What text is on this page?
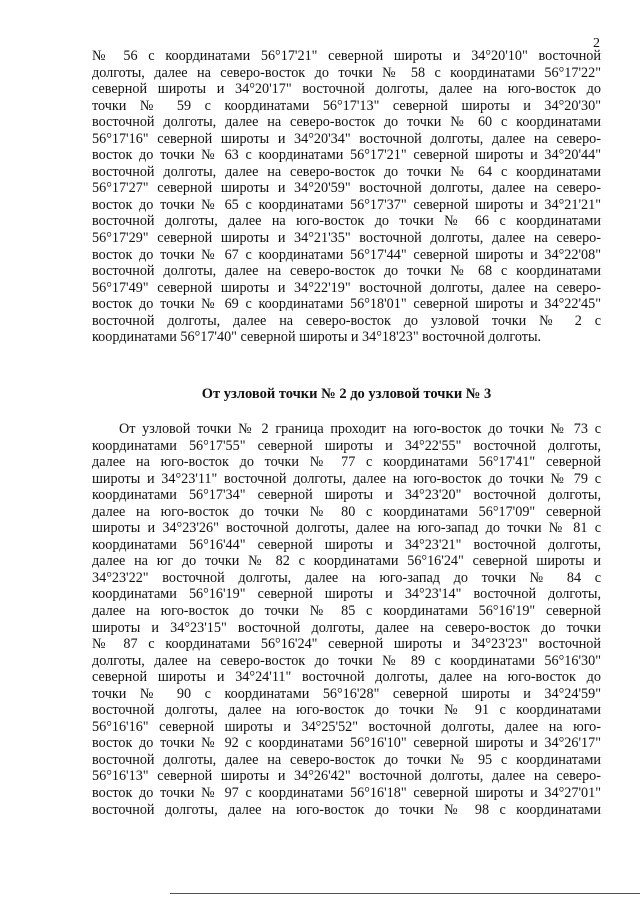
2
№ 56 с координатами 56°17'21" северной широты и 34°20'10" восточной
долготы, далее на северо-восток до точки № 58 с координатами 56°17'22"
северной широты и 34°20'17" восточной долготы, далее на юго-восток до
точки № 59 с координатами 56°17'13" северной широты и 34°20'30"
восточной долготы, далее на северо-восток до точки № 60 с координатами
56°17'16" северной широты и 34°20'34" восточной долготы, далее на северо-
восток до точки № 63 с координатами 56°17'21" северной широты и 34°20'44"
восточной долготы, далее на северо-восток до точки № 64 с координатами
56°17'27" северной широты и 34°20'59" восточной долготы, далее на северо-
восток до точки № 65 с координатами 56°17'37" северной широты и 34°21'21"
восточной долготы, далее на юго-восток до точки № 66 с координатами
56°17'29" северной широты и 34°21'35" восточной долготы, далее на северо-
восток до точки № 67 с координатами 56°17'44" северной широты и 34°22'08"
восточной долготы, далее на северо-восток до точки № 68 с координатами
56°17'49" северной широты и 34°22'19" восточной долготы, далее на северо-
восток до точки № 69 с координатами 56°18'01" северной широты и 34°22'45"
восточной долготы, далее на северо-восток до узловой точки № 2 с
координатами 56°17'40" северной широты и 34°18'23" восточной долготы.
От узловой точки № 2 до узловой точки № 3
От узловой точки № 2 граница проходит на юго-восток до точки № 73 с
координатами 56°17'55" северной широты и 34°22'55" восточной долготы,
далее на юго-восток до точки № 77 с координатами 56°17'41" северной
широты и 34°23'11" восточной долготы, далее на юго-восток до точки № 79 с
координатами 56°17'34" северной широты и 34°23'20" восточной долготы,
далее на юго-восток до точки № 80 с координатами 56°17'09" северной
широты и 34°23'26" восточной долготы, далее на юго-запад до точки № 81 с
координатами 56°16'44" северной широты и 34°23'21" восточной долготы,
далее на юг до точки № 82 с координатами 56°16'24" северной широты и
34°23'22" восточной долготы, далее на юго-запад до точки № 84 с
координатами 56°16'19" северной широты и 34°23'14" восточной долготы,
далее на юго-восток до точки № 85 с координатами 56°16'19" северной
широты и 34°23'15" восточной долготы, далее на северо-восток до точки
№ 87 с координатами 56°16'24" северной широты и 34°23'23" восточной
долготы, далее на северо-восток до точки № 89 с координатами 56°16'30"
северной широты и 34°24'11" восточной долготы, далее на юго-восток до
точки № 90 с координатами 56°16'28" северной широты и 34°24'59"
восточной долготы, далее на юго-восток до точки № 91 с координатами
56°16'16" северной широты и 34°25'52" восточной долготы, далее на юго-
восток до точки № 92 с координатами 56°16'10" северной широты и 34°26'17"
восточной долготы, далее на северо-восток до точки № 95 с координатами
56°16'13" северной широты и 34°26'42" восточной долготы, далее на северо-
восток до точки № 97 с координатами 56°16'18" северной широты и 34°27'01"
восточной долготы, далее на юго-восток до точки № 98 с координатами
